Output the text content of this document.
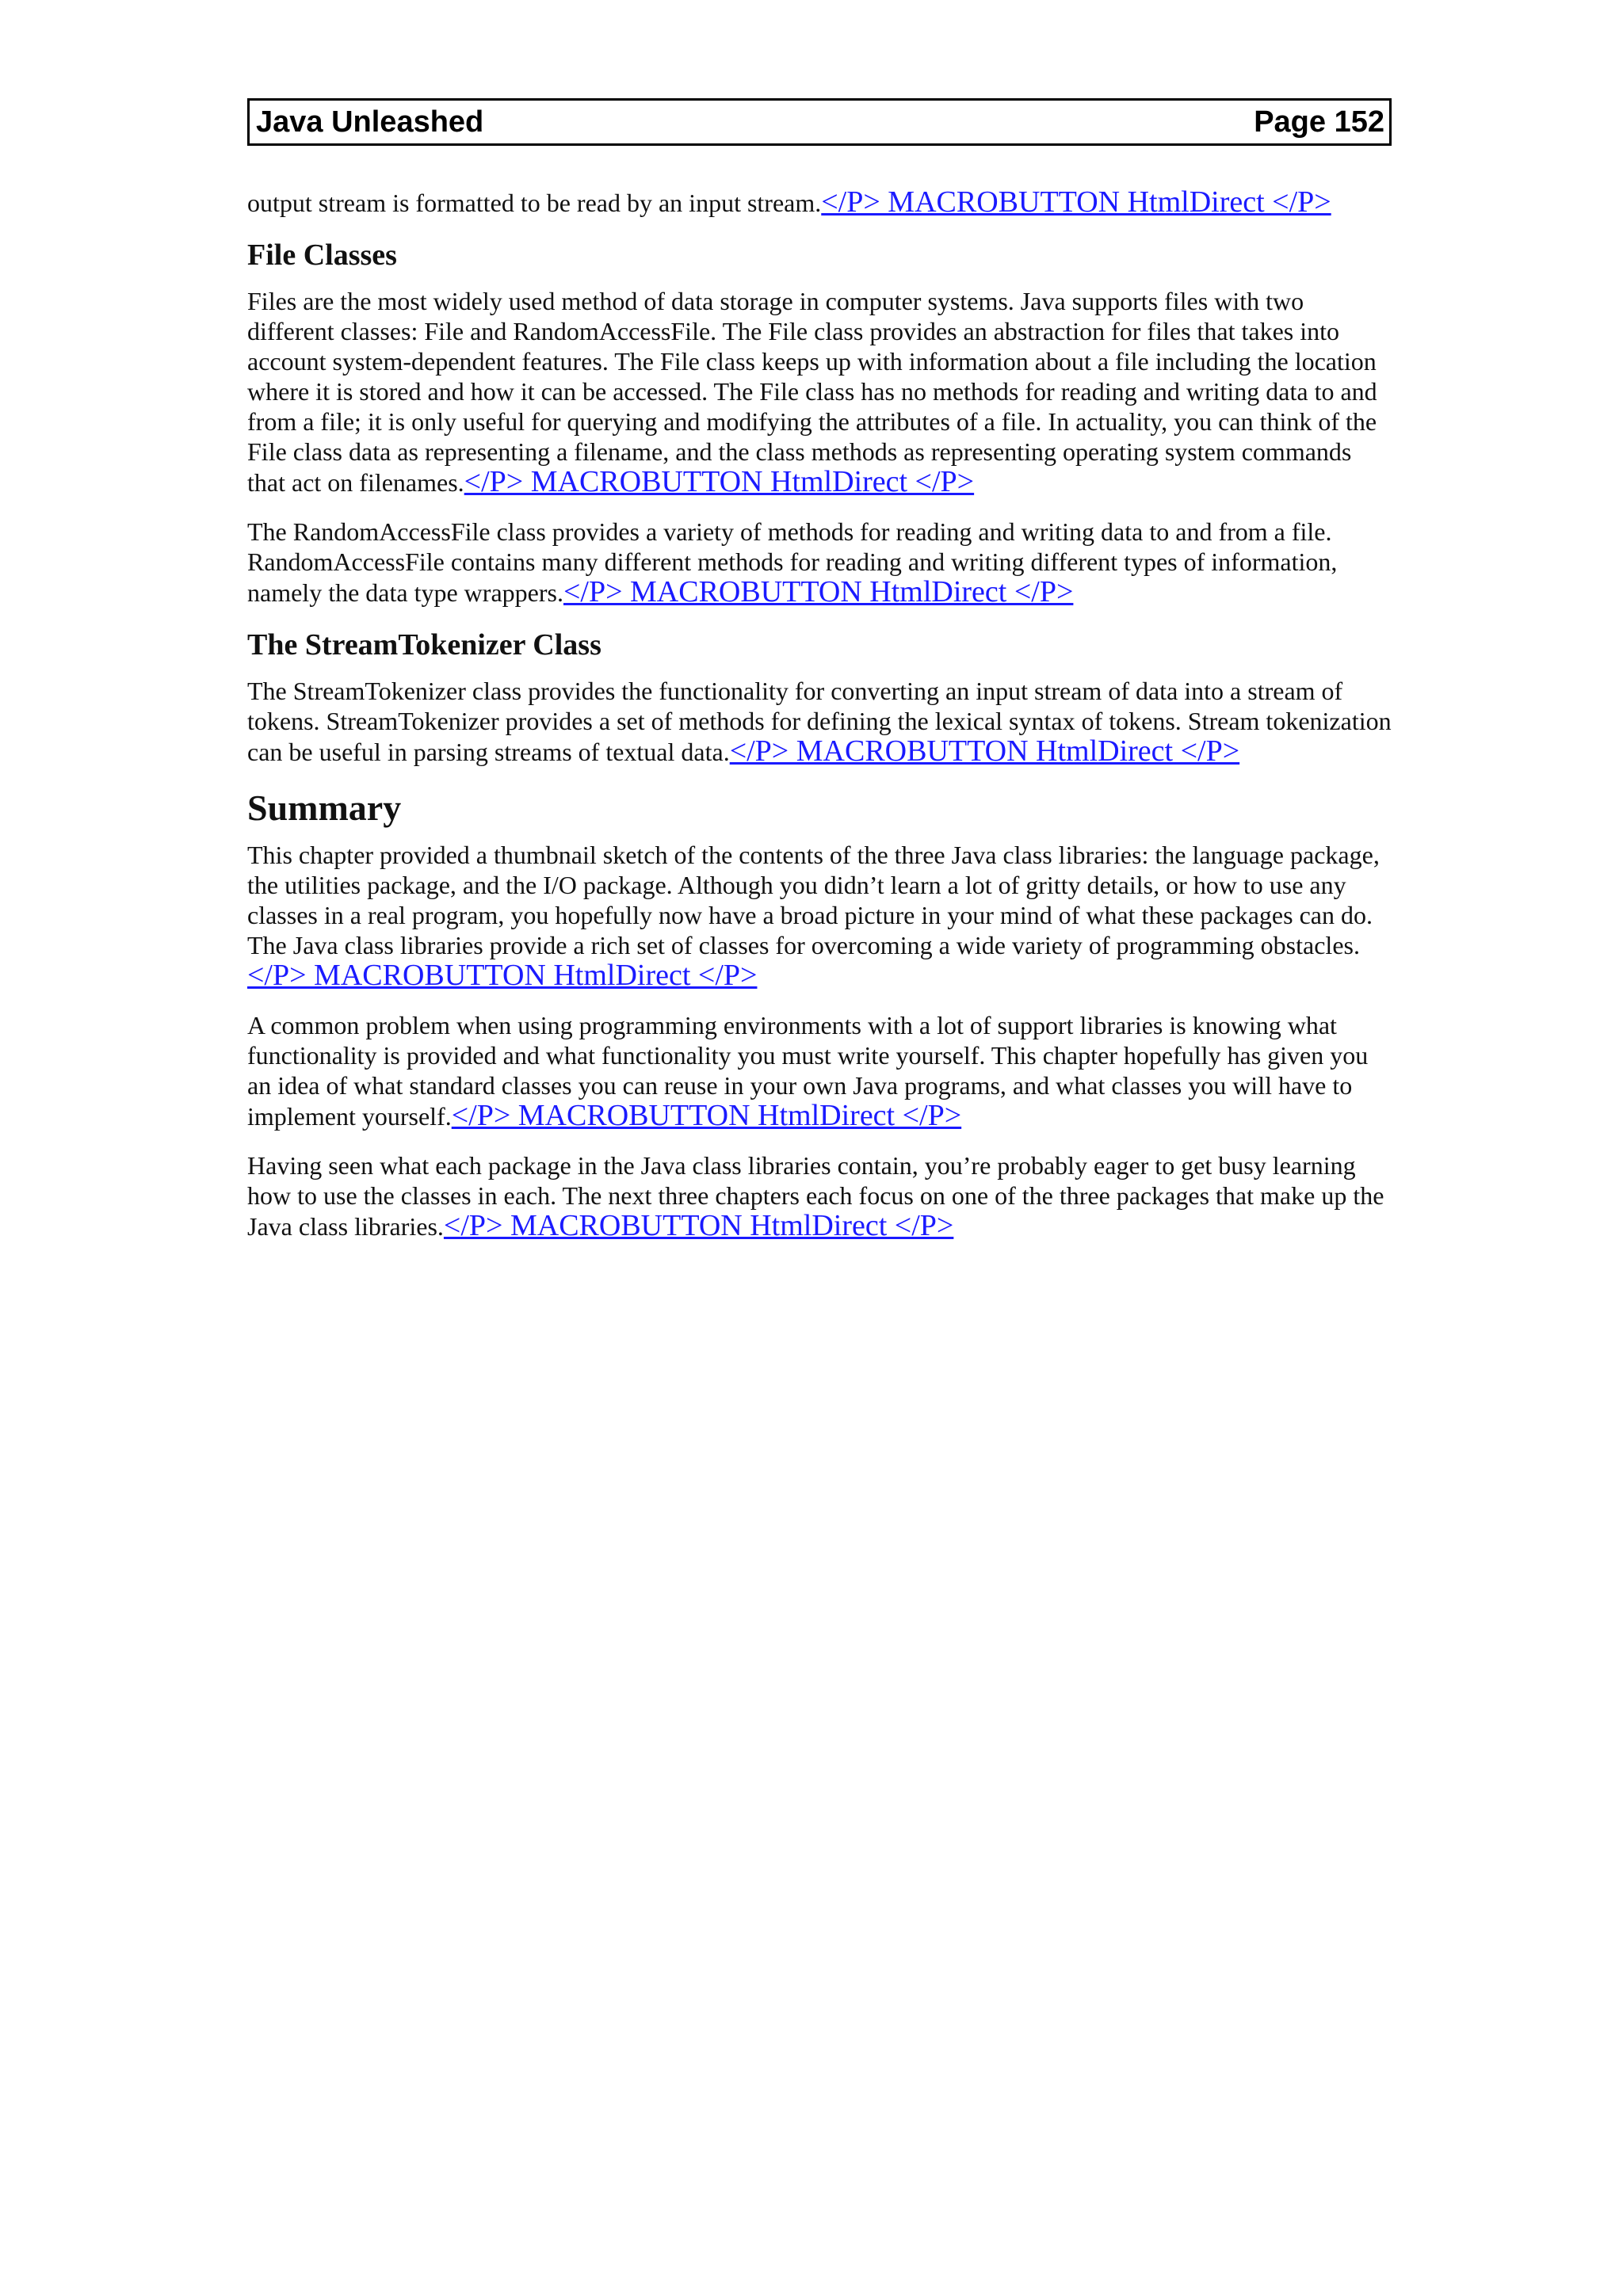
Java Unleashed	Page 152

output stream is formatted to be read by an input stream.</P> MACROBUTTON HtmlDirect </P>

File Classes

Files are the most widely used method of data storage in computer systems. Java supports files with two different classes: File and RandomAccessFile. The File class provides an abstraction for files that takes into account system-dependent features. The File class keeps up with information about a file including the location where it is stored and how it can be accessed. The File class has no methods for reading and writing data to and from a file; it is only useful for querying and modifying the attributes of a file. In actuality, you can think of the File class data as representing a filename, and the class methods as representing operating system commands that act on filenames.</P> MACROBUTTON HtmlDirect </P>

The RandomAccessFile class provides a variety of methods for reading and writing data to and from a file. RandomAccessFile contains many different methods for reading and writing different types of information, namely the data type wrappers.</P> MACROBUTTON HtmlDirect </P>

The StreamTokenizer Class

The StreamTokenizer class provides the functionality for converting an input stream of data into a stream of tokens. StreamTokenizer provides a set of methods for defining the lexical syntax of tokens. Stream tokenization can be useful in parsing streams of textual data.</P> MACROBUTTON HtmlDirect </P>

Summary

This chapter provided a thumbnail sketch of the contents of the three Java class libraries: the language package, the utilities package, and the I/O package. Although you didn’t learn a lot of gritty details, or how to use any classes in a real program, you hopefully now have a broad picture in your mind of what these packages can do. The Java class libraries provide a rich set of classes for overcoming a wide variety of programming obstacles.</P> MACROBUTTON HtmlDirect </P>

A common problem when using programming environments with a lot of support libraries is knowing what functionality is provided and what functionality you must write yourself. This chapter hopefully has given you an idea of what standard classes you can reuse in your own Java programs, and what classes you will have to implement yourself.</P> MACROBUTTON HtmlDirect </P>

Having seen what each package in the Java class libraries contain, you’re probably eager to get busy learning how to use the classes in each. The next three chapters each focus on one of the three packages that make up the Java class libraries.</P> MACROBUTTON HtmlDirect </P>
